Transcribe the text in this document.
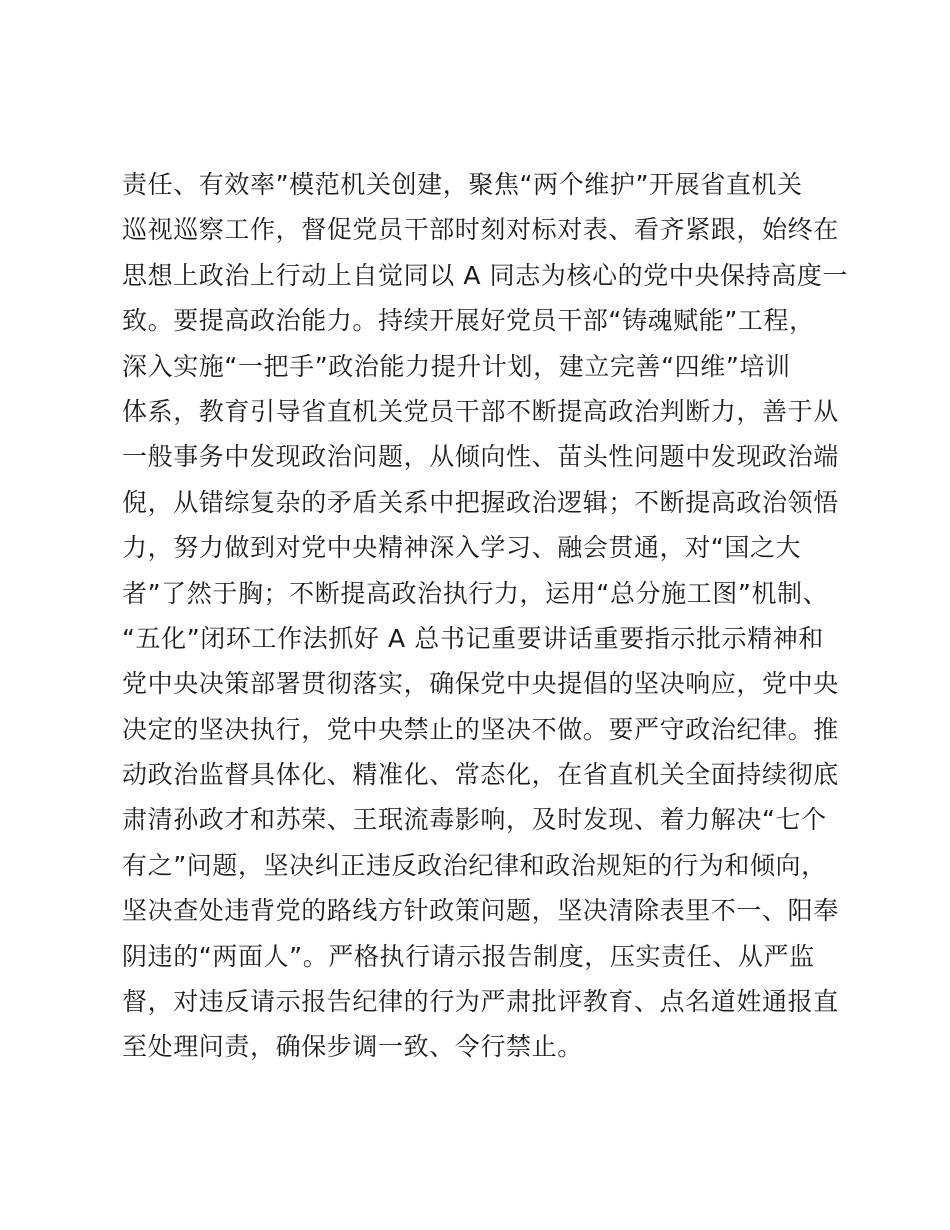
责任、有效率”模范机关创建，聚焦“两个维护”开展省直机关
巡视巡察工作，督促党员干部时刻对标对表、看齐紧跟，始终在
思想上政治上行动上自觉同以 A 同志为核心的党中央保持高度一
致。要提高政治能力。持续开展好党员干部“铸魂赋能”工程，
深入实施“一把手”政治能力提升计划，建立完善“四维”培训
体系，教育引导省直机关党员干部不断提高政治判断力，善于从
一般事务中发现政治问题，从倾向性、苗头性问题中发现政治端
倪，从错综复杂的矛盾关系中把握政治逻辑；不断提高政治领悟
力，努力做到对党中央精神深入学习、融会贯通，对“国之大
者”了然于胸；不断提高政治执行力，运用“总分施工图”机制、
“五化”闭环工作法抓好 A 总书记重要讲话重要指示批示精神和
党中央决策部署贯彻落实，确保党中央提倡的坚决响应，党中央
决定的坚决执行，党中央禁止的坚决不做。要严守政治纪律。推
动政治监督具体化、精准化、常态化，在省直机关全面持续彻底
肃清孙政才和苏荣、王珉流毒影响，及时发现、着力解决“七个
有之”问题，坚决纠正违反政治纪律和政治规矩的行为和倾向，
坚决查处违背党的路线方针政策问题，坚决清除表里不一、阳奉
阴违的“两面人”。严格执行请示报告制度，压实责任、从严监
督，对违反请示报告纪律的行为严肃批评教育、点名道姓通报直
至处理问责，确保步调一致、令行禁止。
